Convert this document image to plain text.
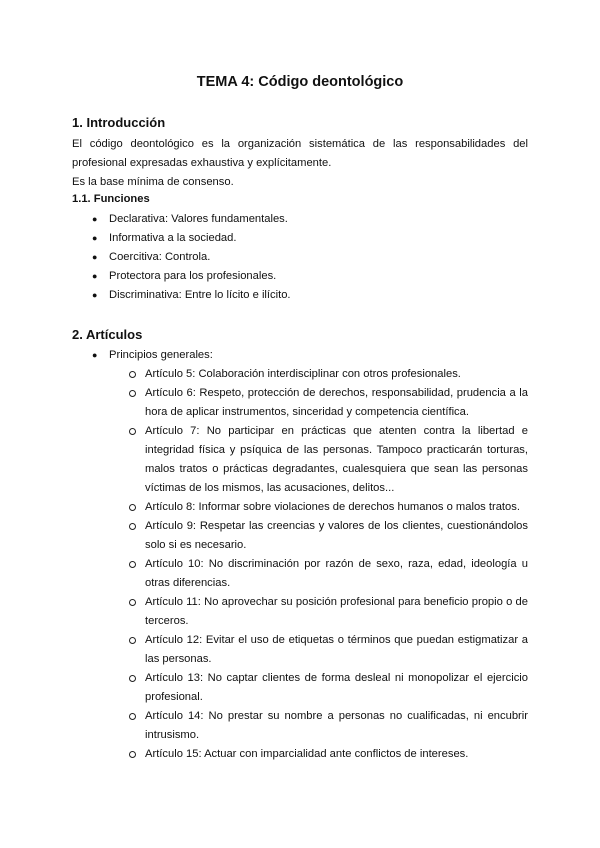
TEMA 4: Código deontológico
1. Introducción

El código deontológico es la organización sistemática de las responsabilidades del
profesional expresadas exhaustiva y explícitamente.
Es la base mínima de consenso.

1.1. Funciones
● Declarativa: Valores fundamentales.
● Informativa a la sociedad.
● Coercitiva: Controla.
● Protectora para los profesionales.
● Discriminativa: Entre lo lícito e ilícito.
2. Artículos
● Principios generales:
Artículo 5: Colaboración interdisciplinar con otros profesionales.
Artículo 6: Respeto, protección de derechos, responsabilidad, prudencia a la
hora de aplicar instrumentos, sinceridad y competencia científica.
Artículo 7: No participar en prácticas que atenten contra la libertad e
integridad física y psíquica de las personas. Tampoco practicarán torturas,
malos tratos o prácticas degradantes, cualesquiera que sean las personas
víctimas de los mismos, las acusaciones, delitos...
Artículo 8: Informar sobre violaciones de derechos humanos o malos tratos.
Artículo 9: Respetar las creencias y valores de los clientes, cuestionándolos
solo si es necesario.
Artículo 10: No discriminación por razón de sexo, raza, edad, ideología u
otras diferencias.
Artículo 11: No aprovechar su posición profesional para beneficio propio o de
terceros.
Artículo 12: Evitar el uso de etiquetas o términos que puedan estigmatizar a
las personas.
Artículo 13: No captar clientes de forma desleal ni monopolizar el ejercicio
profesional.
Artículo 14: No prestar su nombre a personas no cualificadas, ni encubrir
intrusismo.
Artículo 15: Actuar con imparcialidad ante conflictos de intereses.
